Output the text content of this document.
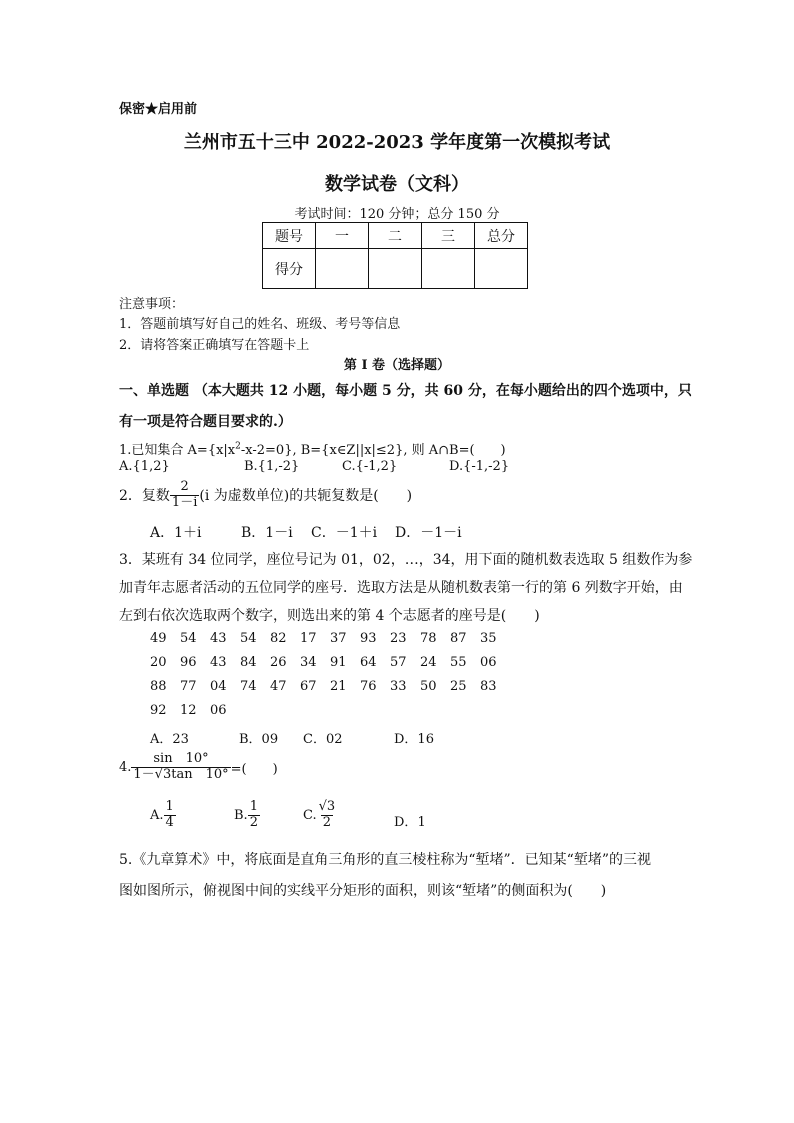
保密★启用前
兰州市五十三中 2022-2023 学年度第一次模拟考试
数学试卷（文科）
考试时间：120 分钟；总分 150 分
题号	一	二	三	总分
得分				
注意事项：
1．答题前填写好自己的姓名、班级、考号等信息
2．请将答案正确填写在答题卡上
第 I 卷（选择题）
一、单选题 （本大题共 12 小题，每小题 5 分，共 60 分，在每小题给出的四个选项中，只
有一项是符合题目要求的.）
1.已知集合 $A=\{x|x^2-x-2=0\}$, B={x∈Z||x|≤2}, 则 A∩B=(　　)
A.{1,2}	B.{1,-2}	C.{-1,2}	D.{-1,-2}
2．复数 $\frac{2}{1-i} (i$ 为虚数单位)的共轭复数是(　　)
A．1＋i	B．1－i C．－1＋i D．－1－i
3．某班有 34 位同学，座位号记为 01，02，…，34，用下面的随机数表选取 5 组数作为参
加青年志愿者活动的五位同学的座号．选取方法是从随机数表第一行的第 6 列数字开始，由
左到右依次选取两个数字，则选出来的第 4 个志愿者的座号是(　　)
49 54 43 54 82 17 37 93 23 78 87 35
20 96 43 84 26 34 91 64 57 24 55 06
88 77 04 74 47 67 21 76 33 50 25 83
92 12 06
A．23	B．09 C．02	D．16
4. $\frac{\sin 10^\circ}{1-√3\tan 10^\circ}$ =(　　)
A. $\frac{1}{4}$	B. $\frac{1}{2}$	C. $\frac{√3}{2}$	D．1
5.《九章算术》中，将底面是直角三角形的直三棱柱称为“堑堵”．已知某“堑堵”的三视
图如图所示，俯视图中间的实线平分矩形的面积，则该“堑堵”的侧面积为(　　)
